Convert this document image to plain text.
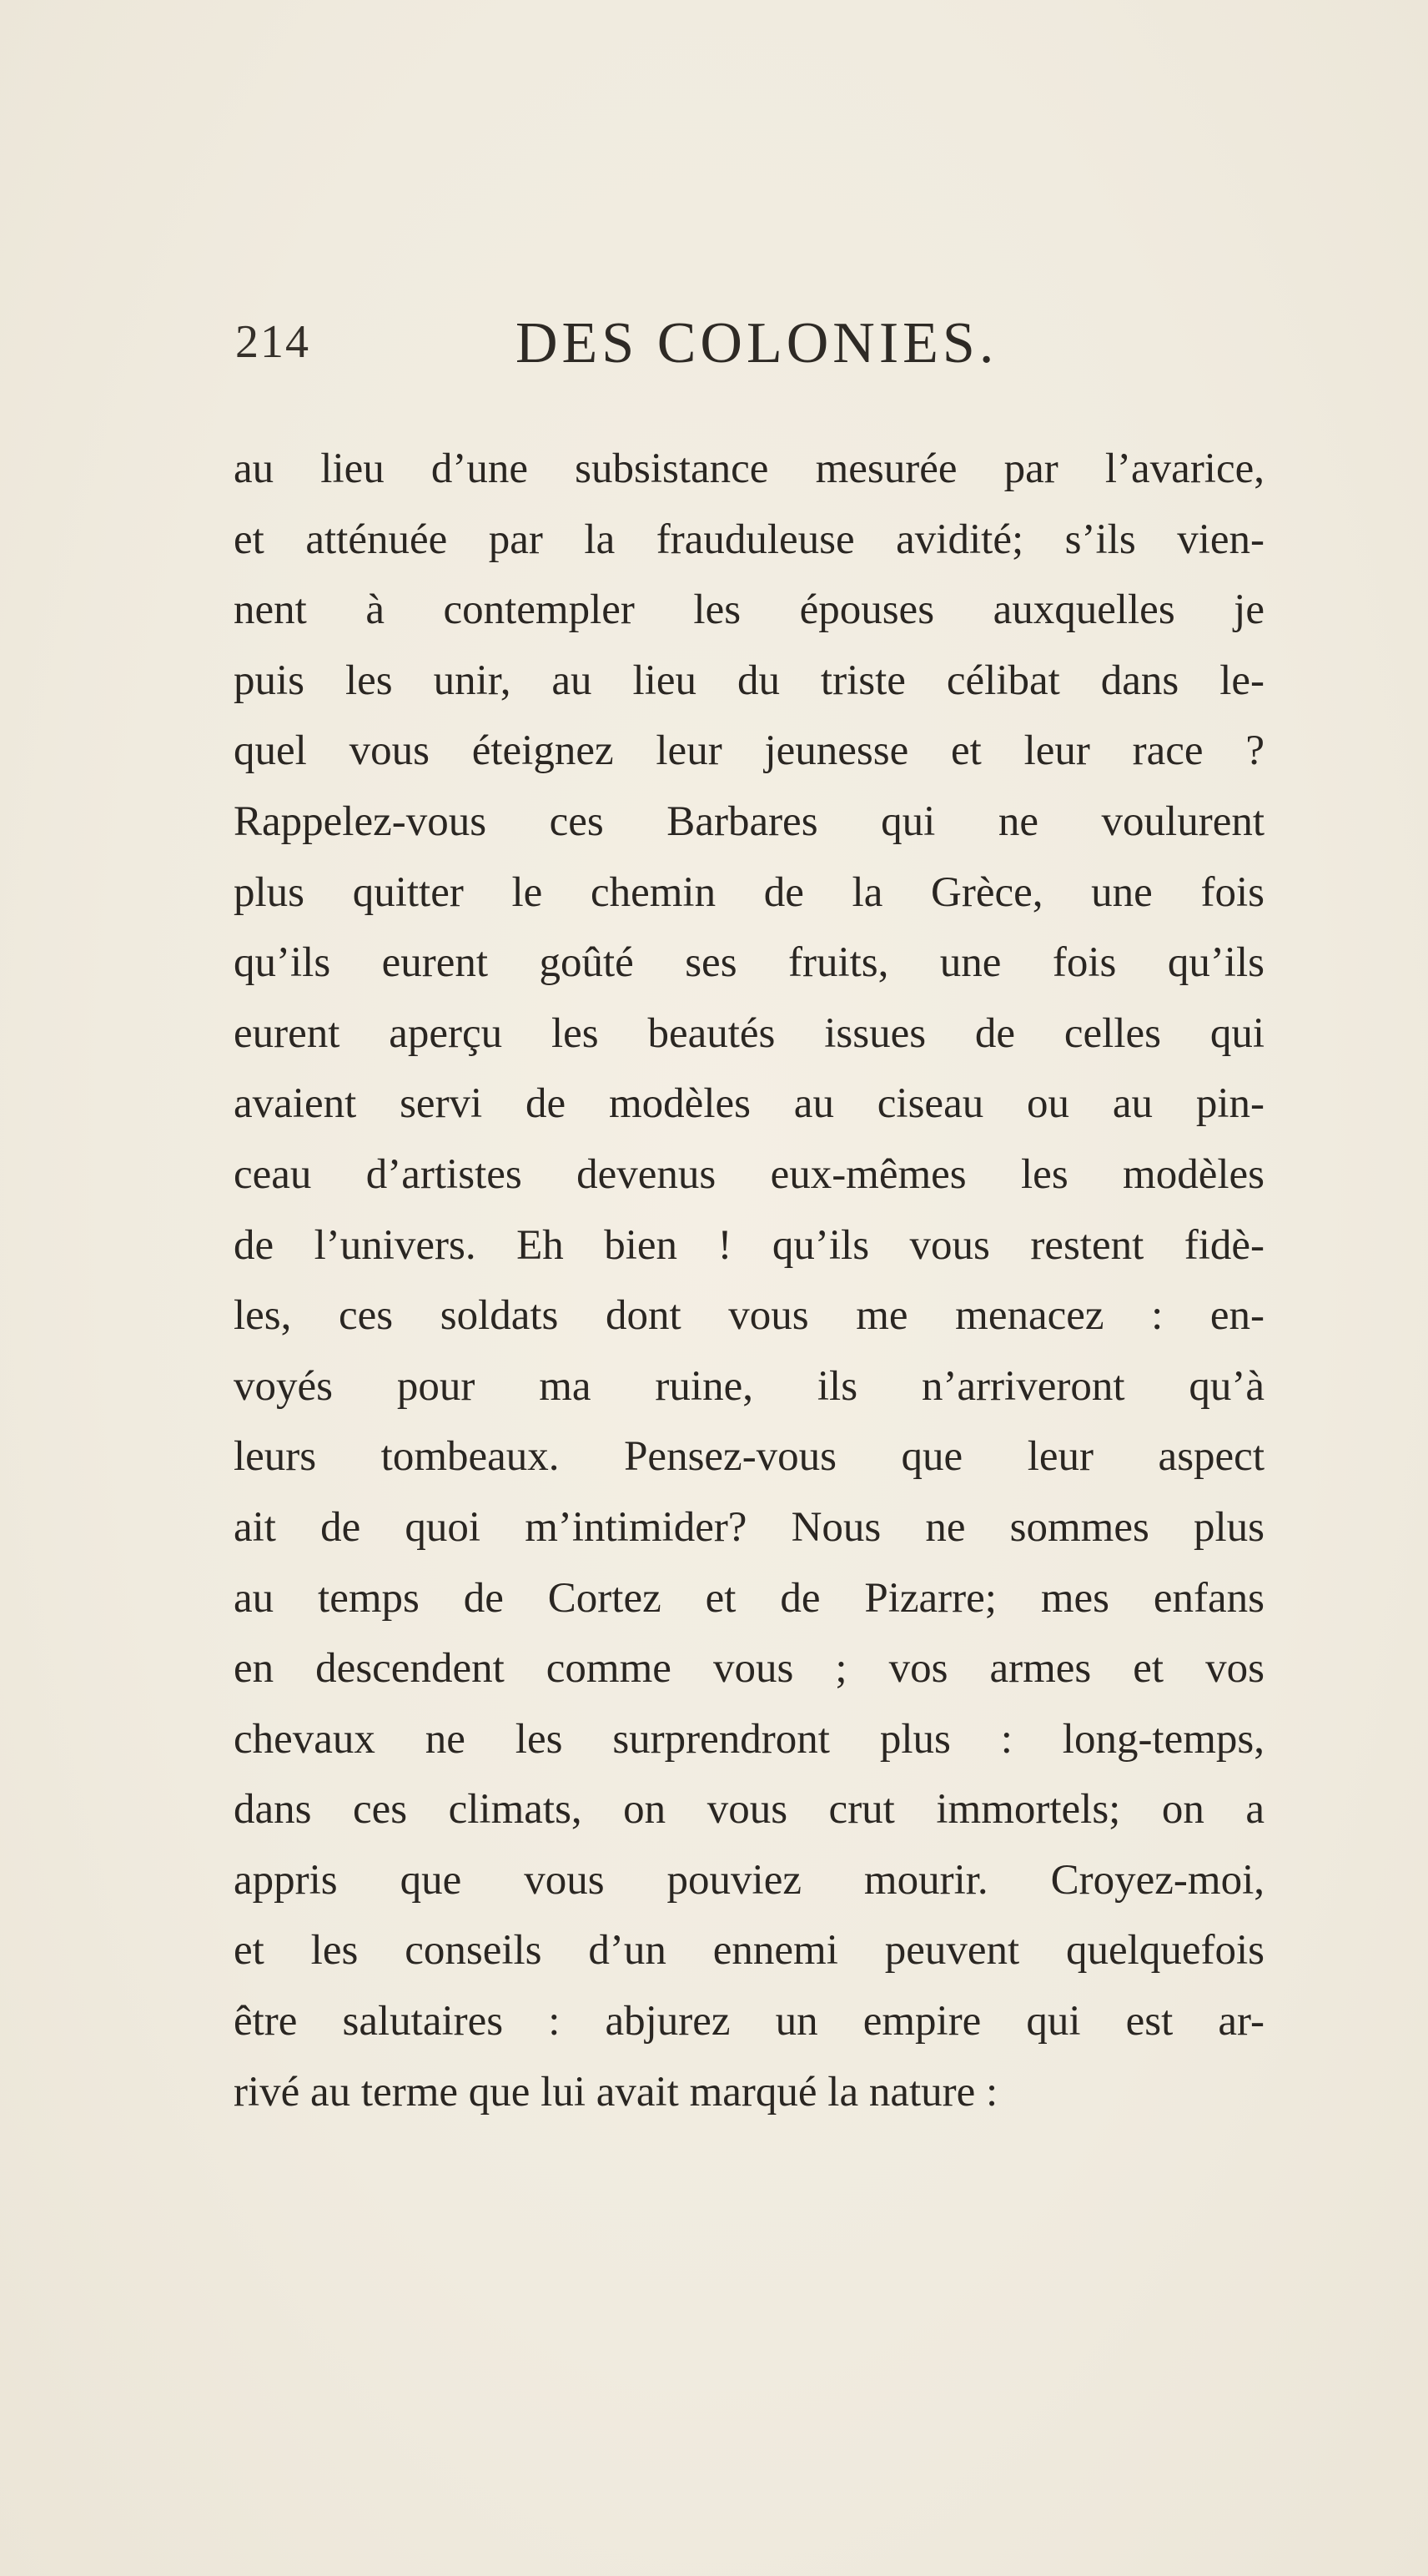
214	DES COLONIES.
au lieu d’une subsistance mesurée par l’avarice,
et atténuée par la frauduleuse avidité; s’ils vien-
nent à contempler les épouses auxquelles je
puis les unir, au lieu du triste célibat dans le-
quel vous éteignez leur jeunesse et leur race ?
Rappelez-vous ces Barbares qui ne voulurent
plus quitter le chemin de la Grèce, une fois
qu’ils eurent goûté ses fruits, une fois qu’ils
eurent aperçu les beautés issues de celles qui
avaient servi de modèles au ciseau ou au pin-
ceau d’artistes devenus eux-mêmes les modèles
de l’univers. Eh bien ! qu’ils vous restent fidè-
les, ces soldats dont vous me menacez : en-
voyés pour ma ruine, ils n’arriveront qu’à
leurs tombeaux. Pensez-vous que leur aspect
ait de quoi m’intimider? Nous ne sommes plus
au temps de Cortez et de Pizarre; mes enfans
en descendent comme vous ; vos armes et vos
chevaux ne les surprendront plus : long-temps,
dans ces climats, on vous crut immortels; on a
appris que vous pouviez mourir. Croyez-moi,
et les conseils d’un ennemi peuvent quelquefois
être salutaires : abjurez un empire qui est ar-
rivé au terme que lui avait marqué la nature :
